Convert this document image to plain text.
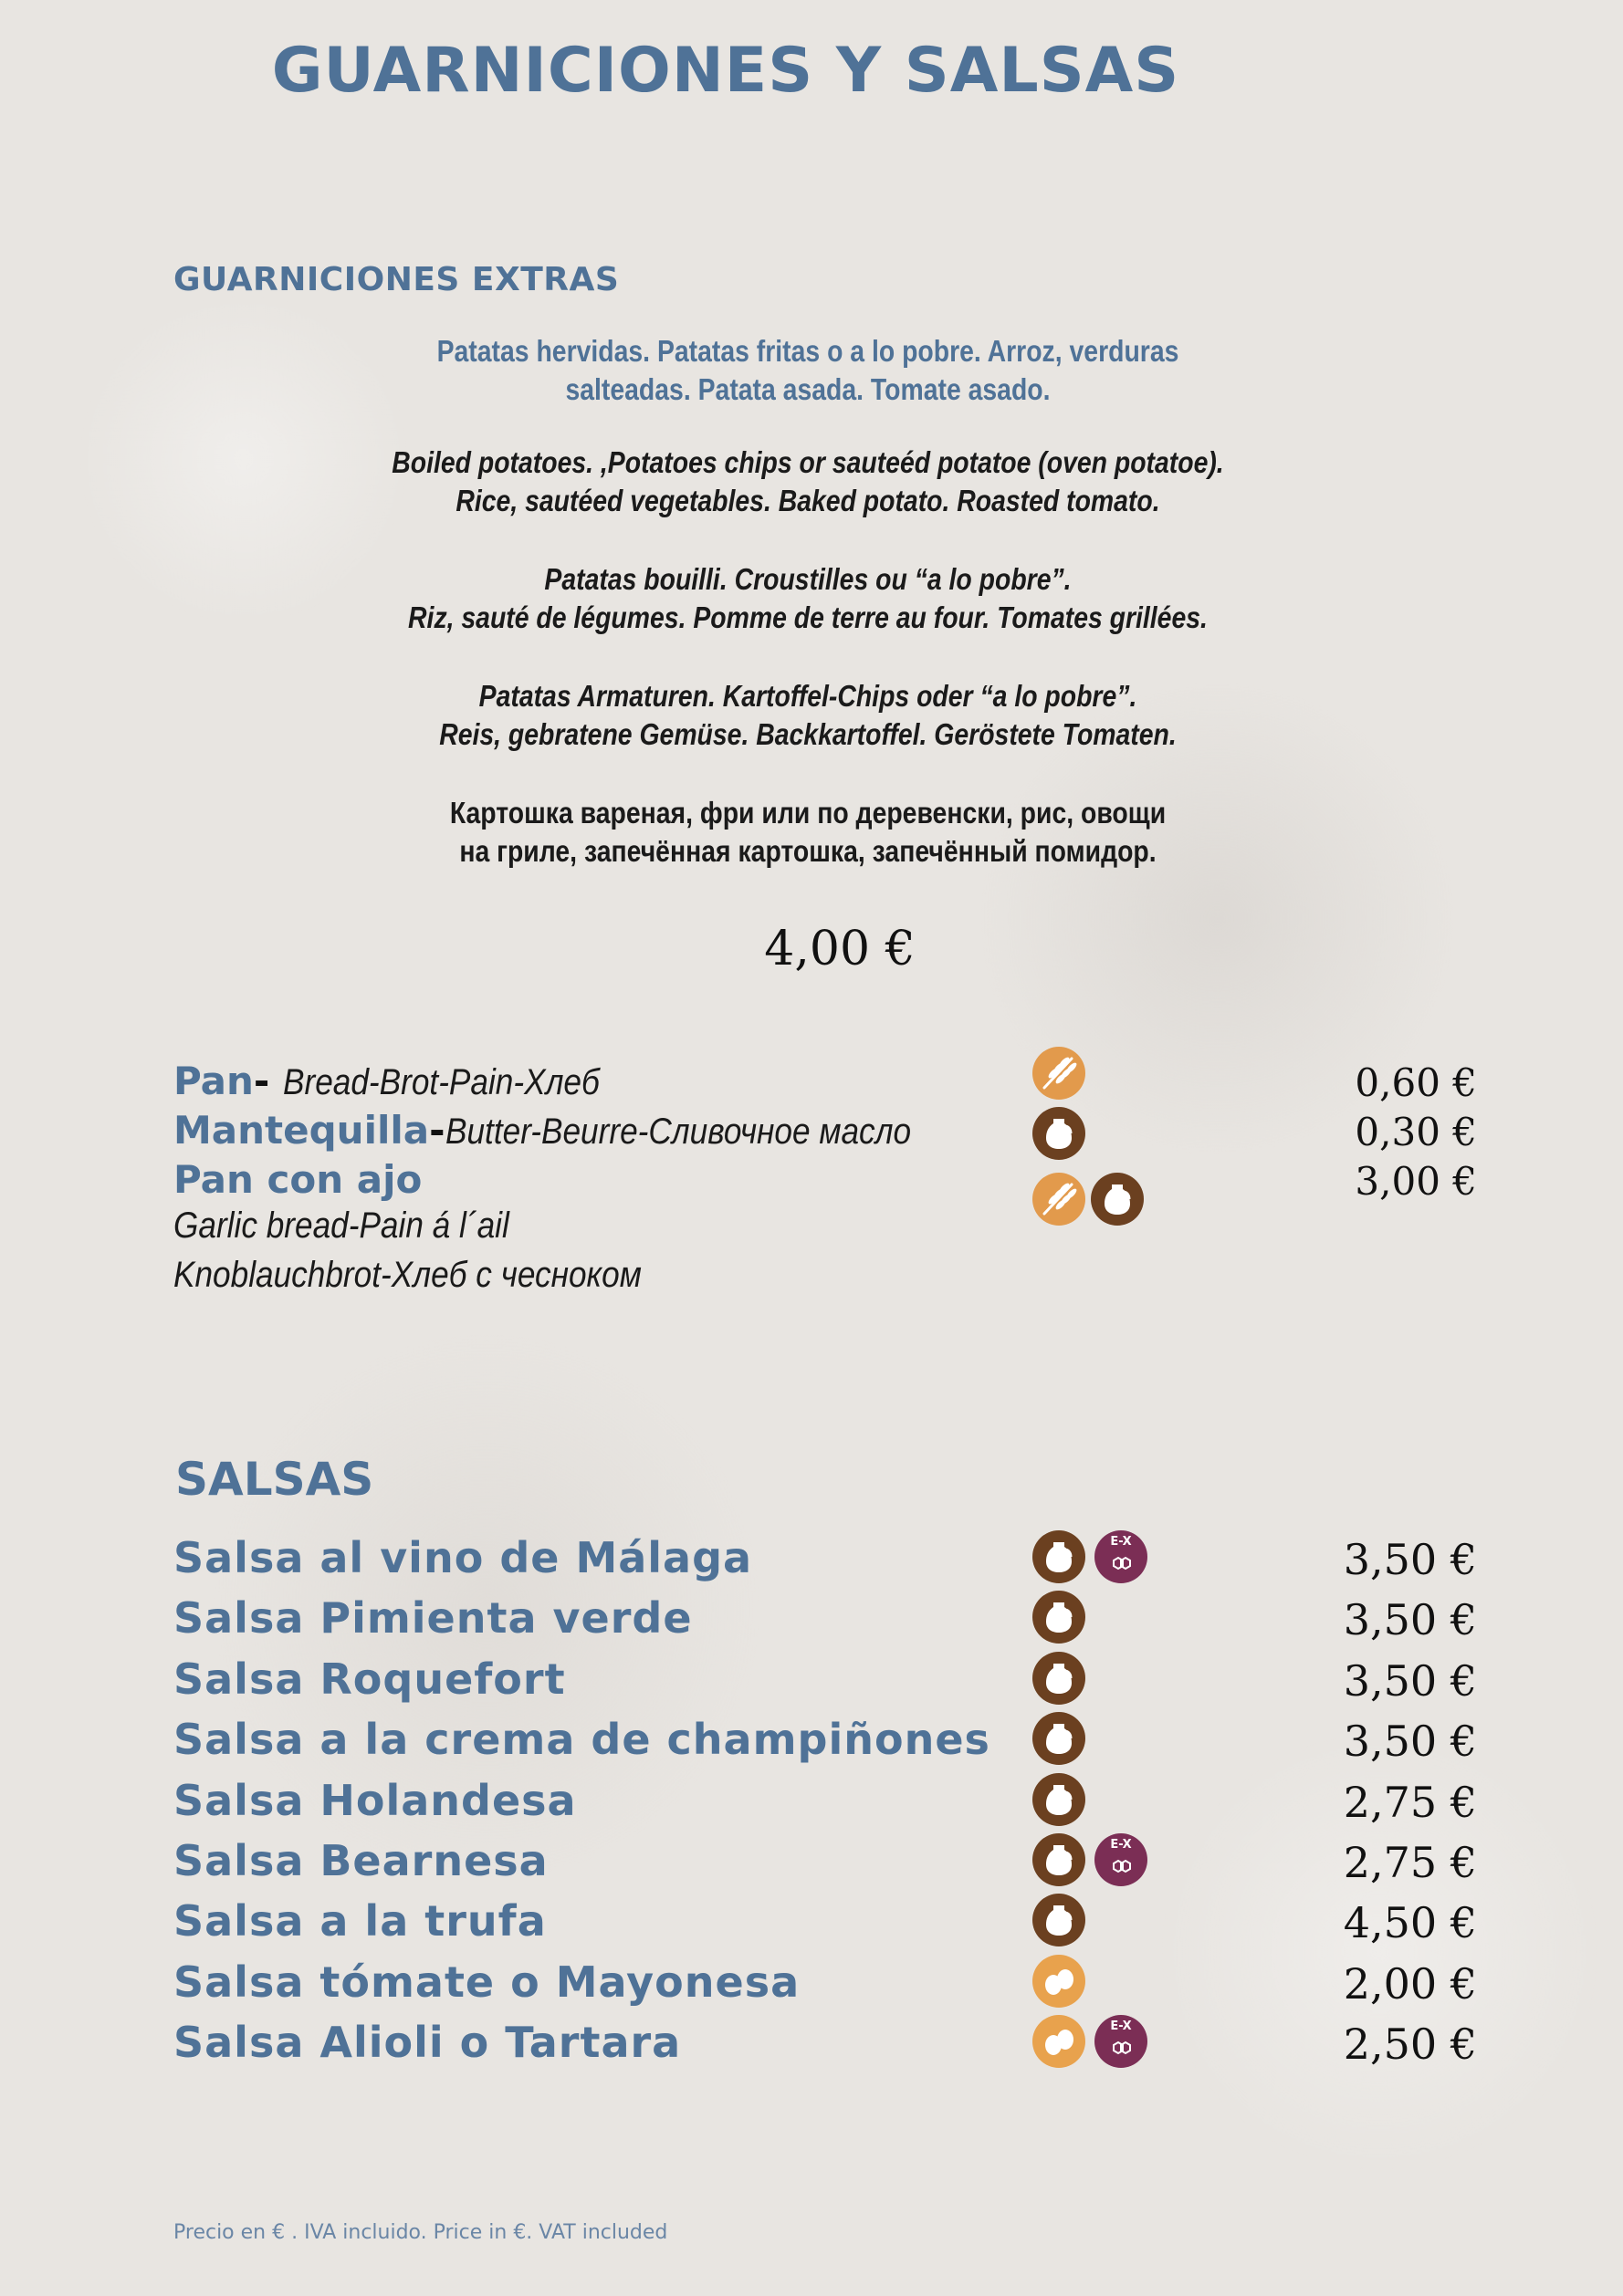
GUARNICIONES Y SALSAS
GUARNICIONES EXTRAS
Patatas hervidas. Patatas fritas o a lo pobre. Arroz, verduras
salteadas. Patata asada. Tomate asado.
Boiled potatoes. ,Potatoes chips or sauteéd potatoe (oven potatoe).
Rice, sautéed vegetables. Baked potato. Roasted tomato.
Patatas bouilli. Croustilles ou “a lo pobre”.
Riz, sauté de légumes. Pomme de terre au four. Tomates grillées.
Patatas Armaturen. Kartoffel-Chips oder “a lo pobre”.
Reis, gebratene Gemüse. Backkartoffel. Geröstete Tomaten.
Картошка вареная, фри или по деревенски, рис, овощи
на гриле, запечённая картошка, запечённый помидор.
4,00 €
Pan- Bread-Brot-Pain-Хлеб	0,60 €
Mantequilla-Butter-Beurre-Сливочное масло	0,30 €
Pan con ajo
Garlic bread-Pain á l´ail
Knoblauchbrot-Хлеб с чесноком
3,00 €
SALSAS
Salsa al vino de Málaga	E-X	3,50 €
Salsa Pimienta verde	3,50 €
Salsa Roquefort	3,50 €
Salsa a la crema de champiñones	3,50 €
Salsa Holandesa	2,75 €
Salsa Bearnesa	E-X	2,75 €
Salsa a la trufa	4,50 €
Salsa tómate o Mayonesa	2,00 €
Salsa Alioli o Tartara	E-X	2,50 €
Precio en € . IVA incluido. Price in €. VAT included
